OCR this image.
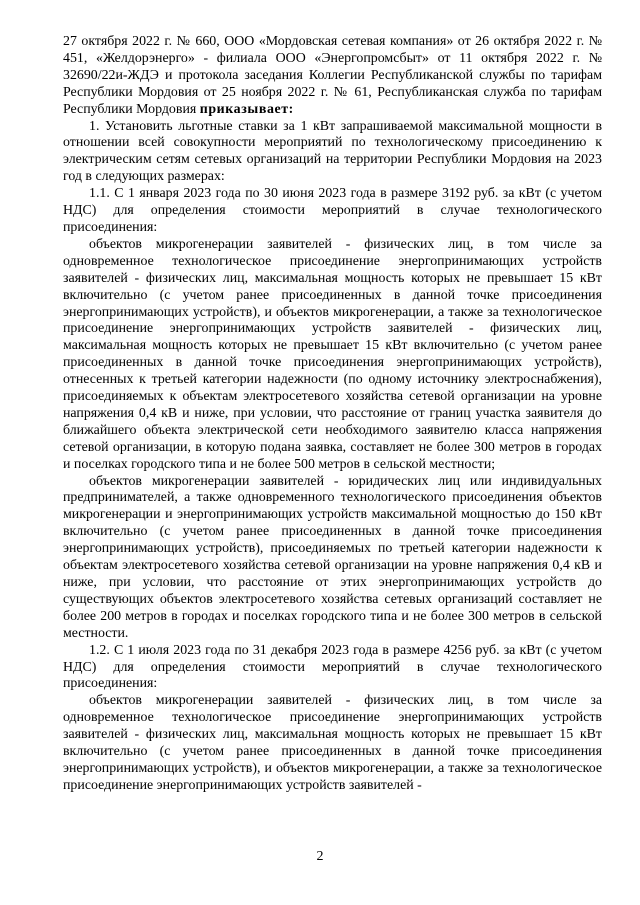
27 октября 2022 г. № 660, ООО «Мордовская сетевая компания» от 26 октября 2022 г. № 451, «Желдорэнерго» - филиала ООО «Энергопромсбыт» от 11 октября 2022 г. № 32690/22и-ЖДЭ и протокола заседания Коллегии Республиканской службы по тарифам Республики Мордовия от 25 ноября 2022 г. № 61, Республиканская служба по тарифам Республики Мордовия приказывает:

1. Установить льготные ставки за 1 кВт запрашиваемой максимальной мощности в отношении всей совокупности мероприятий по технологическому присоединению к электрическим сетям сетевых организаций на территории Республики Мордовия на 2023 год в следующих размерах:

1.1. С 1 января 2023 года по 30 июня 2023 года в размере 3192 руб. за кВт (с учетом НДС) для определения стоимости мероприятий в случае технологического присоединения:

объектов микрогенерации заявителей - физических лиц, в том числе за одновременное технологическое присоединение энергопринимающих устройств заявителей - физических лиц, максимальная мощность которых не превышает 15 кВт включительно (с учетом ранее присоединенных в данной точке присоединения энергопринимающих устройств), и объектов микрогенерации, а также за технологическое присоединение энергопринимающих устройств заявителей - физических лиц, максимальная мощность которых не превышает 15 кВт включительно (с учетом ранее присоединенных в данной точке присоединения энергопринимающих устройств), отнесенных к третьей категории надежности (по одному источнику электроснабжения), присоединяемых к объектам электросетевого хозяйства сетевой организации на уровне напряжения 0,4 кВ и ниже, при условии, что расстояние от границ участка заявителя до ближайшего объекта электрической сети необходимого заявителю класса напряжения сетевой организации, в которую подана заявка, составляет не более 300 метров в городах и поселках городского типа и не более 500 метров в сельской местности;

объектов микрогенерации заявителей - юридических лиц или индивидуальных предпринимателей, а также одновременного технологического присоединения объектов микрогенерации и энергопринимающих устройств максимальной мощностью до 150 кВт включительно (с учетом ранее присоединенных в данной точке присоединения энергопринимающих устройств), присоединяемых по третьей категории надежности к объектам электросетевого хозяйства сетевой организации на уровне напряжения 0,4 кВ и ниже, при условии, что расстояние от этих энергопринимающих устройств до существующих объектов электросетевого хозяйства сетевых организаций составляет не более 200 метров в городах и поселках городского типа и не более 300 метров в сельской местности.

1.2. С 1 июля 2023 года по 31 декабря 2023 года в размере 4256 руб. за кВт (с учетом НДС) для определения стоимости мероприятий в случае технологического присоединения:

объектов микрогенерации заявителей - физических лиц, в том числе за одновременное технологическое присоединение энергопринимающих устройств заявителей - физических лиц, максимальная мощность которых не превышает 15 кВт включительно (с учетом ранее присоединенных в данной точке присоединения энергопринимающих устройств), и объектов микрогенерации, а также за технологическое присоединение энергопринимающих устройств заявителей -

2
